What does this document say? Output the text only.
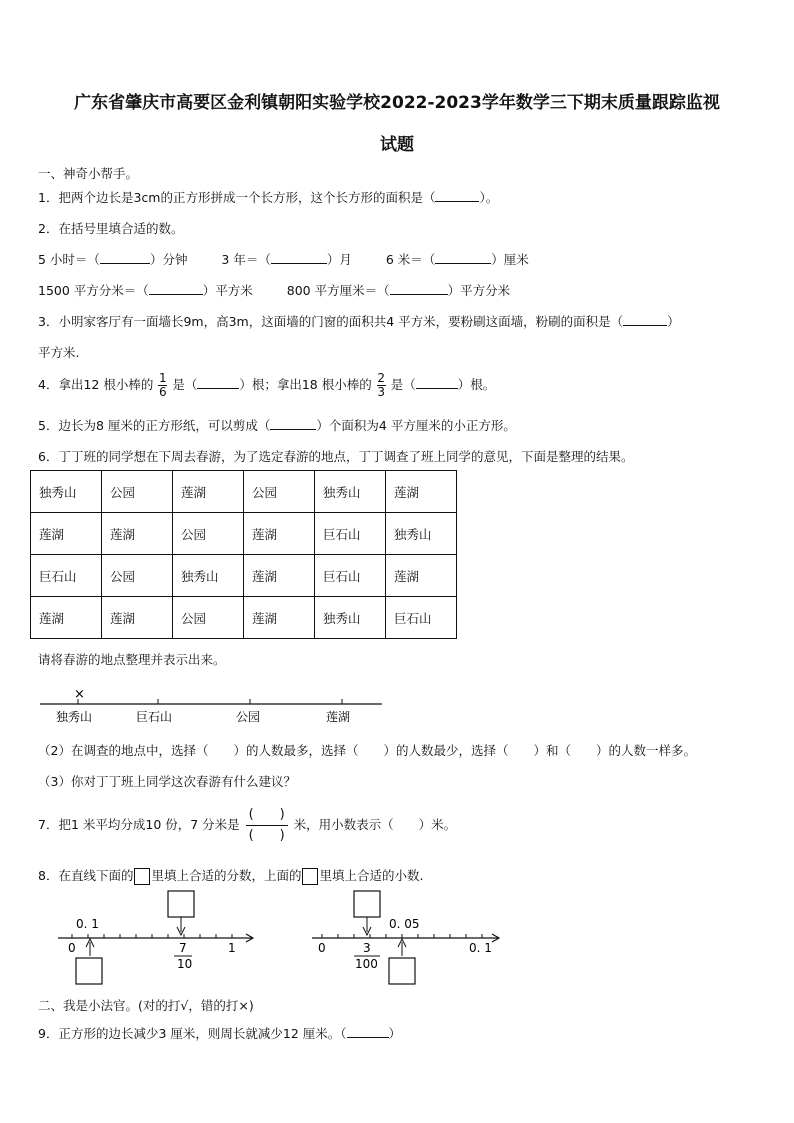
广东省肇庆市高要区金利镇朝阳实验学校2022-2023学年数学三下期末质量跟踪监视
试题
一、神奇小帮手。
1．把两个边长是3cm的正方形拼成一个长方形，这个长方形的面积是（	）。
2．在括号里填合适的数。
5 小时＝（	）分钟	3 年＝（	）月	6 米＝（	）厘米
1500 平方分米＝（	）平方米	800 平方厘米＝（	）平方分米
3．小明家客厅有一面墙长9m，高3m，这面墙的门窗的面积共4 平方米，要粉刷这面墙，粉刷的面积是（	）
平方米.
4．拿出12 根小棒的 $\frac{1}{6}$ 是（	）根；拿出18 根小棒的 $\frac{2}{3}$ 是（	）根。
5．边长为8 厘米的正方形纸，可以剪成（	）个面积为4 平方厘米的小正方形。
6．丁丁班的同学想在下周去春游，为了选定春游的地点，丁丁调查了班上同学的意见，下面是整理的结果。
独秀山	公园	莲湖	公园	独秀山	莲湖
莲湖	莲湖	公园	莲湖	巨石山	独秀山
巨石山	公园	独秀山	莲湖	巨石山	莲湖
莲湖	莲湖	公园	莲湖	独秀山	巨石山
请将春游的地点整理并表示出来。
独秀山	巨石山	公园	莲湖
×
（2）在调查的地点中，选择（　　）的人数最多，选择（　　）的人数最少，选择（　　）和（　　）的人数一样多。
（3）你对丁丁班上同学这次春游有什么建议？
7．把1 米平均分成10 份，7 分米是
(　　)
(　　)
米，用小数表示（　　）米。
8．在直线下面的 里填上合适的分数，上面的 里填上合适的小数.
0. 1
0	7
10
1
0. 05
0	3
100
0. 1
二、我是小法官。(对的打√，错的打×)
9．正方形的边长减少3 厘米，则周长就减少12 厘米。（	）
